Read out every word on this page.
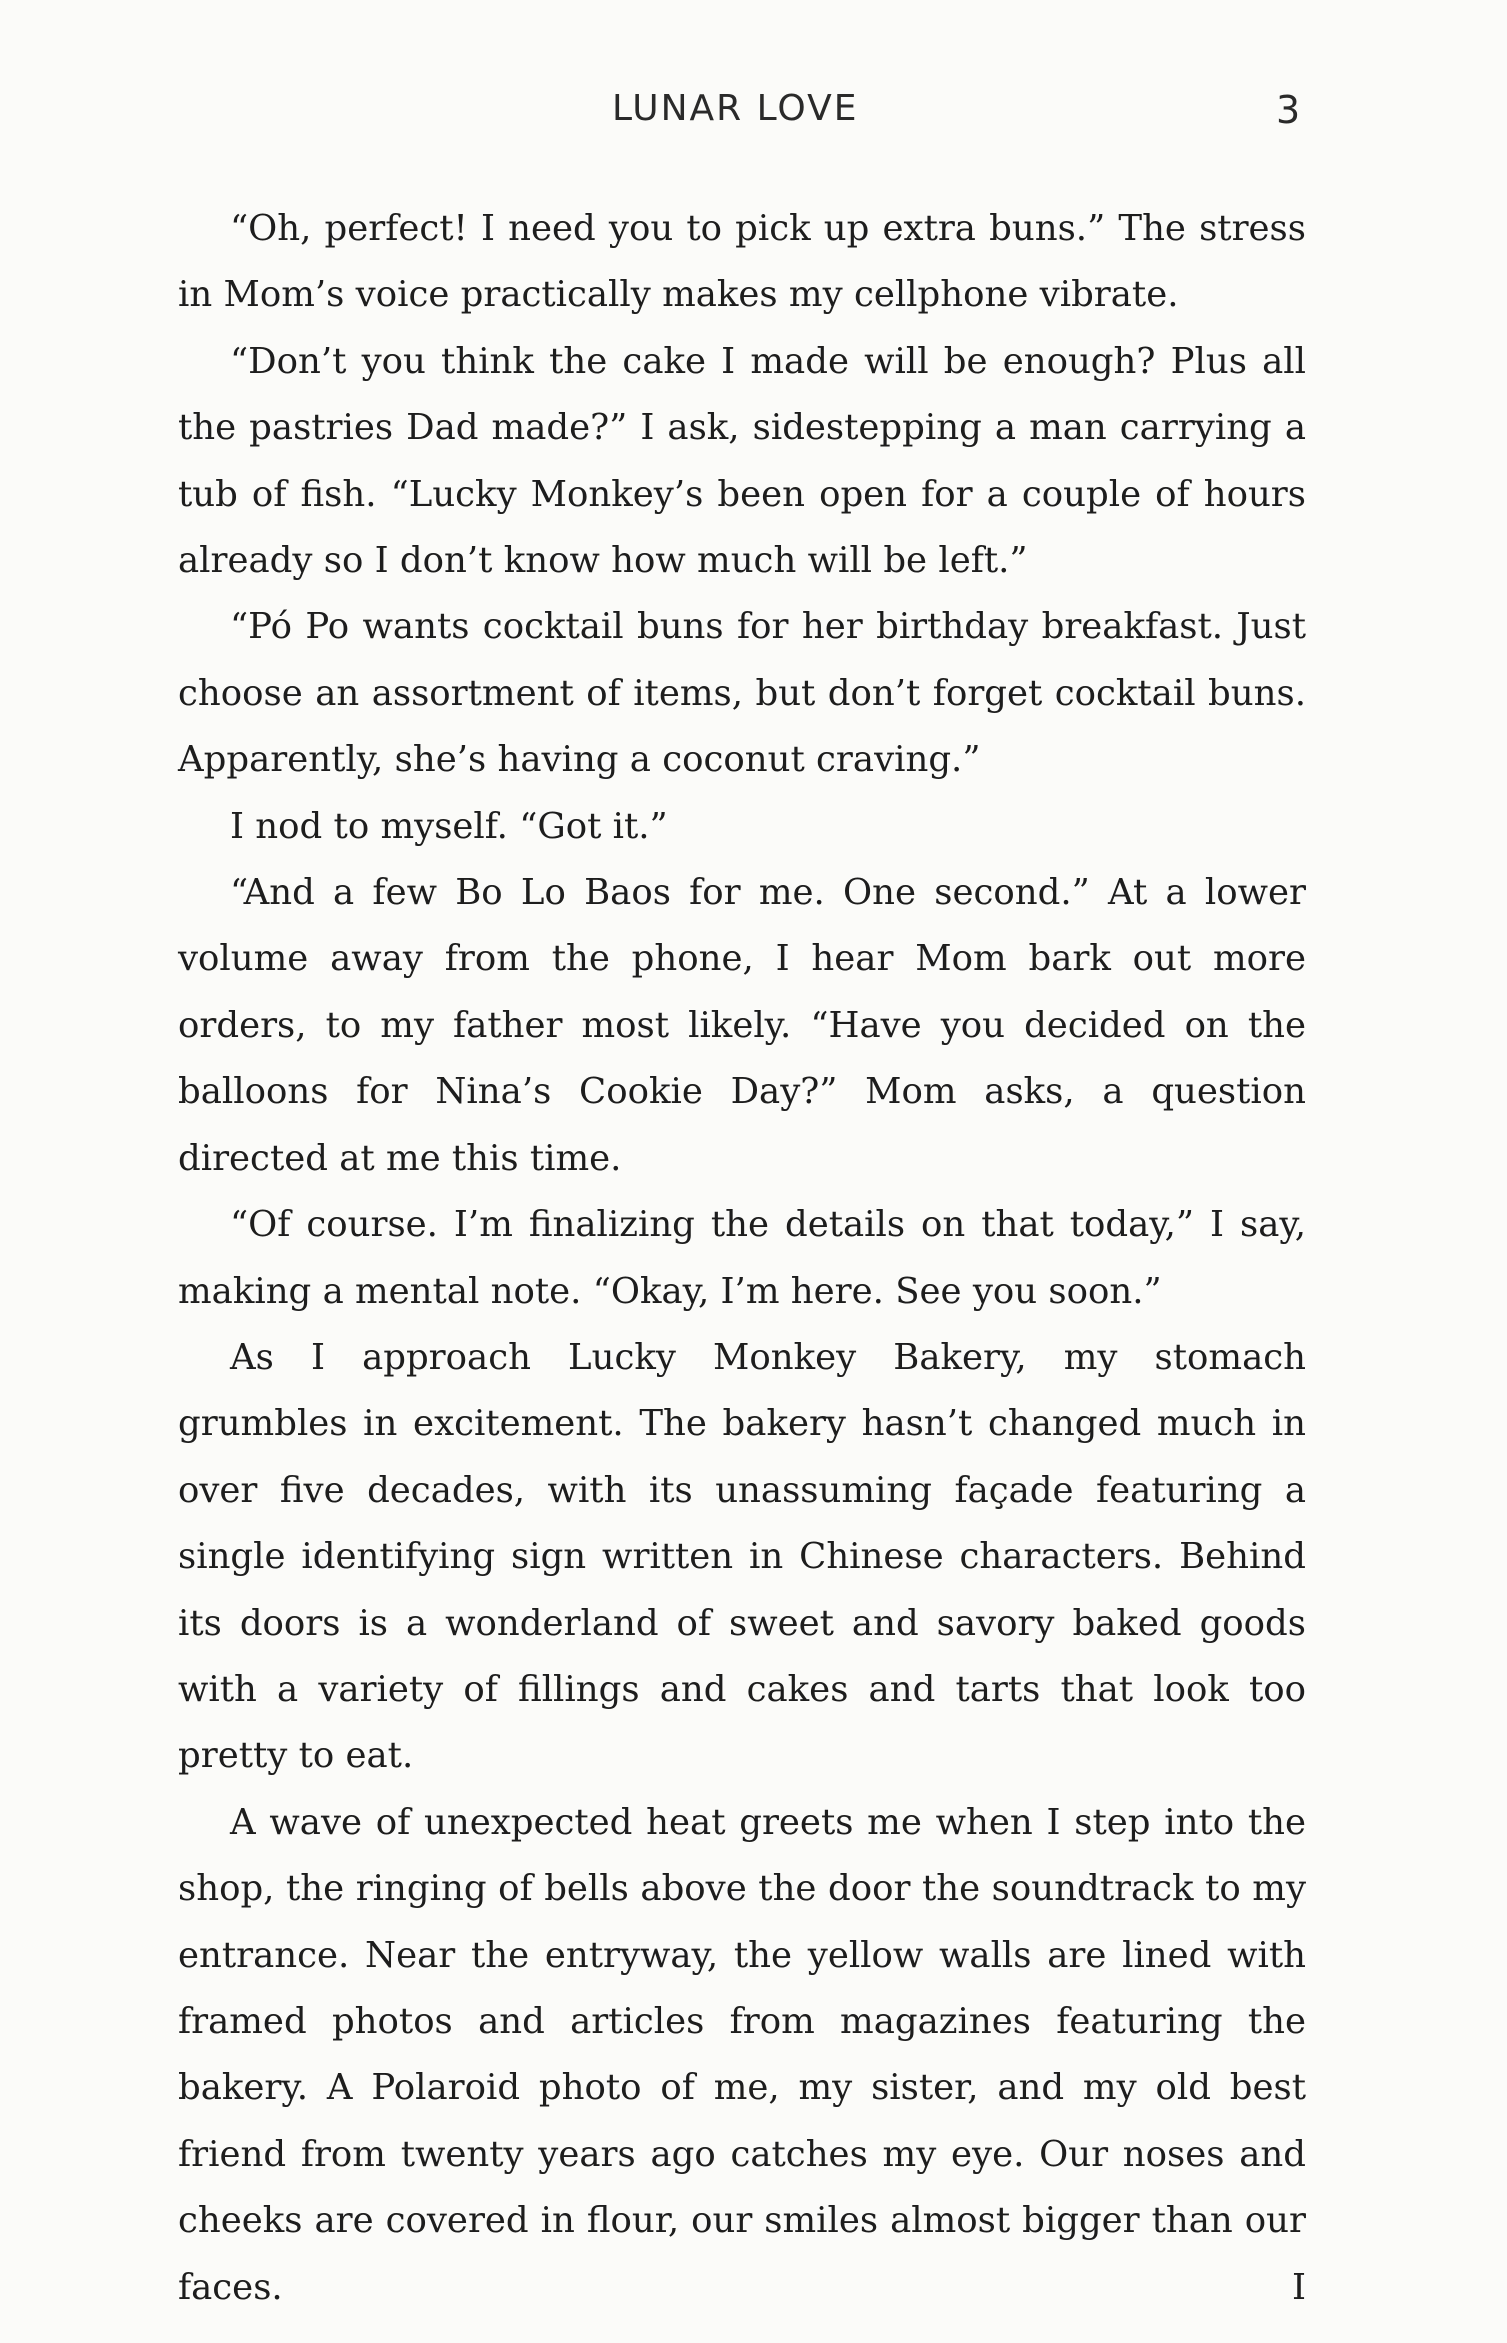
LUNAR LOVE	3

“Oh, perfect! I need you to pick up extra buns.” The stress in Mom’s voice practically makes my cellphone vibrate.

“Don’t you think the cake I made will be enough? Plus all the pastries Dad made?” I ask, sidestepping a man carrying a tub of fish. “Lucky Monkey’s been open for a couple of hours already so I don’t know how much will be left.”

“Pó Po wants cocktail buns for her birthday breakfast. Just choose an assortment of items, but don’t forget cocktail buns. Apparently, she’s having a coconut craving.”

I nod to myself. “Got it.”

“And a few Bo Lo Baos for me. One second.” At a lower volume away from the phone, I hear Mom bark out more orders, to my father most likely. “Have you decided on the balloons for Nina’s Cookie Day?” Mom asks, a question directed at me this time.

“Of course. I’m finalizing the details on that today,” I say, making a mental note. “Okay, I’m here. See you soon.”

As I approach Lucky Monkey Bakery, my stomach grumbles in excitement. The bakery hasn’t changed much in over five decades, with its unassuming façade featuring a single identifying sign written in Chinese characters. Behind its doors is a wonderland of sweet and savory baked goods with a variety of fillings and cakes and tarts that look too pretty to eat.

A wave of unexpected heat greets me when I step into the shop, the ringing of bells above the door the soundtrack to my entrance. Near the entryway, the yellow walls are lined with framed photos and articles from magazines featuring the bakery. A Polaroid photo of me, my sister, and my old best friend from twenty years ago catches my eye. Our noses and cheeks are covered in flour, our smiles almost bigger than our faces. I
